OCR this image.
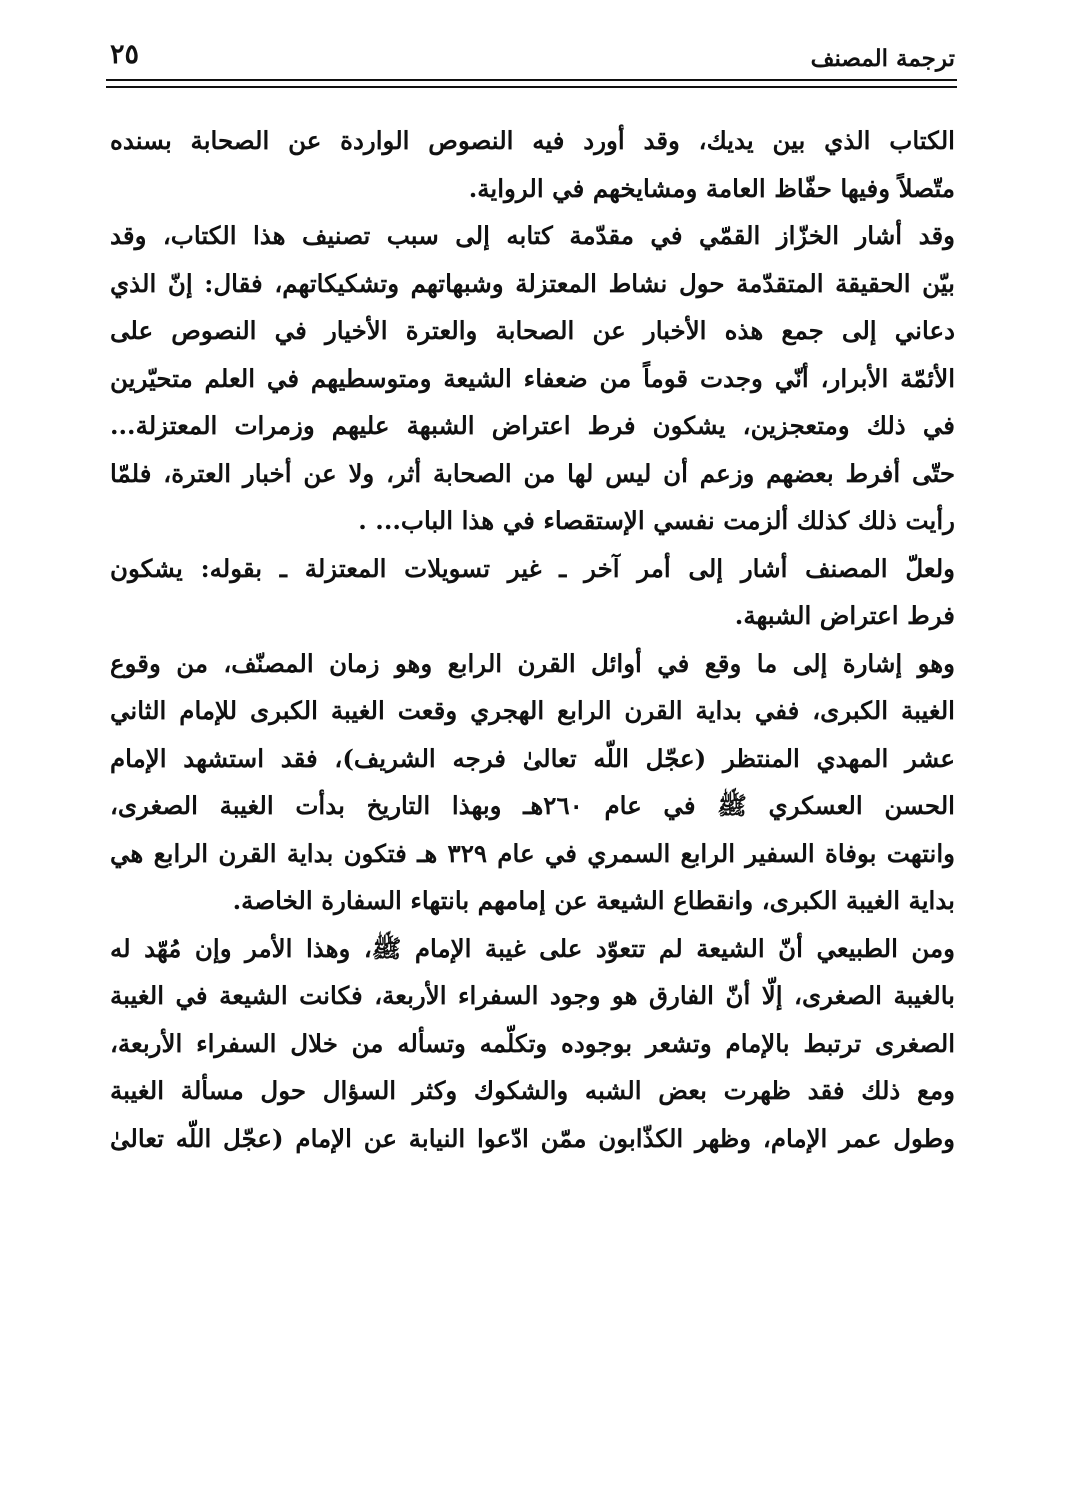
ترجمة المصنف
٢٥
الكتاب الذي بين يديك، وقد أورد فيه النصوص الواردة عن الصحابة بسنده
متّصلاً وفيها حفّاظ العامة ومشايخهم في الرواية.
وقد أشار الخزّاز القمّي في مقدّمة كتابه إلى سبب تصنيف هذا الكتاب، وقد
بيّن الحقيقة المتقدّمة حول نشاط المعتزلة وشبهاتهم وتشكيكاتهم، فقال: إنّ الذي
دعاني إلى جمع هذه الأخبار عن الصحابة والعترة الأخيار في النصوص على
الأئمّة الأبرار، أنّي وجدت قوماً من ضعفاء الشيعة ومتوسطيهم في العلم متحيّرين
في ذلك ومتعجزين، يشكون فرط اعتراض الشبهة عليهم وزمرات المعتزلة...
حتّى أفرط بعضهم وزعم أن ليس لها من الصحابة أثر، ولا عن أخبار العترة، فلمّا
رأيت ذلك كذلك ألزمت نفسي الإستقصاء في هذا الباب... .
ولعلّ المصنف أشار إلى أمر آخر ـ غير تسويلات المعتزلة ـ بقوله: يشكون
فرط اعتراض الشبهة.
وهو إشارة إلى ما وقع في أوائل القرن الرابع وهو زمان المصنّف، من وقوع
الغيبة الكبرى، ففي بداية القرن الرابع الهجري وقعت الغيبة الكبرى للإمام الثاني
عشر المهدي المنتظر (عجّل اللّه تعالىٰ فرجه الشريف)، فقد استشهد الإمام
الحسن العسكري ﷺ في عام ٢٦٠هـ وبهذا التاريخ بدأت الغيبة الصغرى،
وانتهت بوفاة السفير الرابع السمري في عام ٣٢٩ هـ فتكون بداية القرن الرابع هي
بداية الغيبة الكبرى، وانقطاع الشيعة عن إمامهم بانتهاء السفارة الخاصة.
ومن الطبيعي أنّ الشيعة لم تتعوّد على غيبة الإمام ﷺ، وهذا الأمر وإن مُهّد له
بالغيبة الصغرى، إلّا أنّ الفارق هو وجود السفراء الأربعة، فكانت الشيعة في الغيبة
الصغرى ترتبط بالإمام وتشعر بوجوده وتكلّمه وتسأله من خلال السفراء الأربعة،
ومع ذلك فقد ظهرت بعض الشبه والشكوك وكثر السؤال حول مسألة الغيبة
وطول عمر الإمام، وظهر الكذّابون ممّن ادّعوا النيابة عن الإمام (عجّل اللّه تعالىٰ
